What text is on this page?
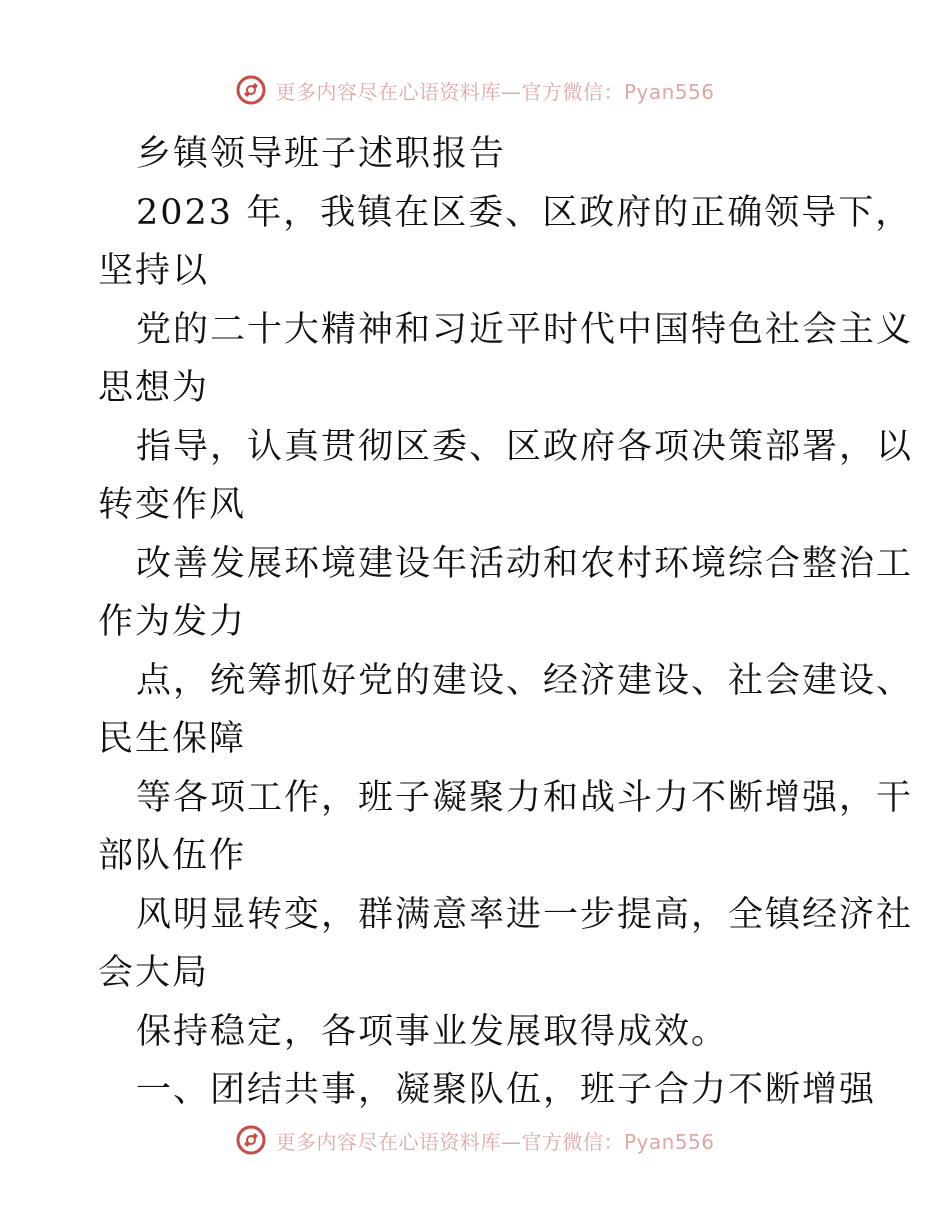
更多内容尽在心语资料库—官方微信：Pyan556
乡镇领导班子述职报告
2023 年，我镇在区委、区政府的正确领导下，
坚持以
党的二十大精神和习近平时代中国特色社会主义
思想为
指导，认真贯彻区委、区政府各项决策部署，以
转变作风
改善发展环境建设年活动和农村环境综合整治工
作为发力
点，统筹抓好党的建设、经济建设、社会建设、
民生保障
等各项工作，班子凝聚力和战斗力不断增强，干
部队伍作
风明显转变，群满意率进一步提高，全镇经济社
会大局
保持稳定，各项事业发展取得成效。
一、团结共事，凝聚队伍，班子合力不断增强
更多内容尽在心语资料库—官方微信：Pyan556
